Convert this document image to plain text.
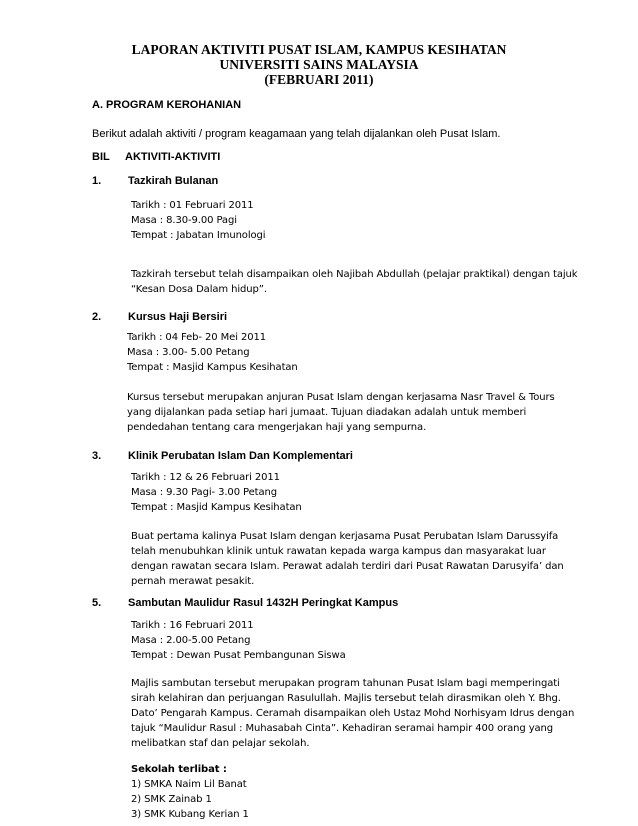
LAPORAN AKTIVITI PUSAT ISLAM, KAMPUS KESIHATAN
UNIVERSITI SAINS MALAYSIA
(FEBRUARI 2011)
A. PROGRAM KEROHANIAN
Berikut adalah aktiviti / program keagamaan yang telah dijalankan oleh Pusat Islam.
BIL AKTIVITI-AKTIVITI
1. Tazkirah Bulanan
Tarikh : 01 Februari 2011
Masa : 8.30-9.00 Pagi
Tempat : Jabatan Imunologi
Tazkirah tersebut telah disampaikan oleh Najibah Abdullah (pelajar praktikal) dengan tajuk
“Kesan Dosa Dalam hidup”.
2. Kursus Haji Bersiri
Tarikh : 04 Feb- 20 Mei 2011
Masa : 3.00- 5.00 Petang
Tempat : Masjid Kampus Kesihatan
Kursus tersebut merupakan anjuran Pusat Islam dengan kerjasama Nasr Travel & Tours
yang dijalankan pada setiap hari jumaat. Tujuan diadakan adalah untuk memberi
pendedahan tentang cara mengerjakan haji yang sempurna.
3. Klinik Perubatan Islam Dan Komplementari
Tarikh : 12 & 26 Februari 2011
Masa : 9.30 Pagi- 3.00 Petang
Tempat : Masjid Kampus Kesihatan
Buat pertama kalinya Pusat Islam dengan kerjasama Pusat Perubatan Islam Darussyifa
telah menubuhkan klinik untuk rawatan kepada warga kampus dan masyarakat luar
dengan rawatan secara Islam. Perawat adalah terdiri dari Pusat Rawatan Darusyifa’ dan
pernah merawat pesakit.
5. Sambutan Maulidur Rasul 1432H Peringkat Kampus
Tarikh : 16 Februari 2011
Masa : 2.00-5.00 Petang
Tempat : Dewan Pusat Pembangunan Siswa
Majlis sambutan tersebut merupakan program tahunan Pusat Islam bagi memperingati
sirah kelahiran dan perjuangan Rasulullah. Majlis tersebut telah dirasmikan oleh Y. Bhg.
Dato’ Pengarah Kampus. Ceramah disampaikan oleh Ustaz Mohd Norhisyam Idrus dengan
tajuk “Maulidur Rasul : Muhasabah Cinta”. Kehadiran seramai hampir 400 orang yang
melibatkan staf dan pelajar sekolah.
Sekolah terlibat :
1) SMKA Naim Lil Banat
2) SMK Zainab 1
3) SMK Kubang Kerian 1
